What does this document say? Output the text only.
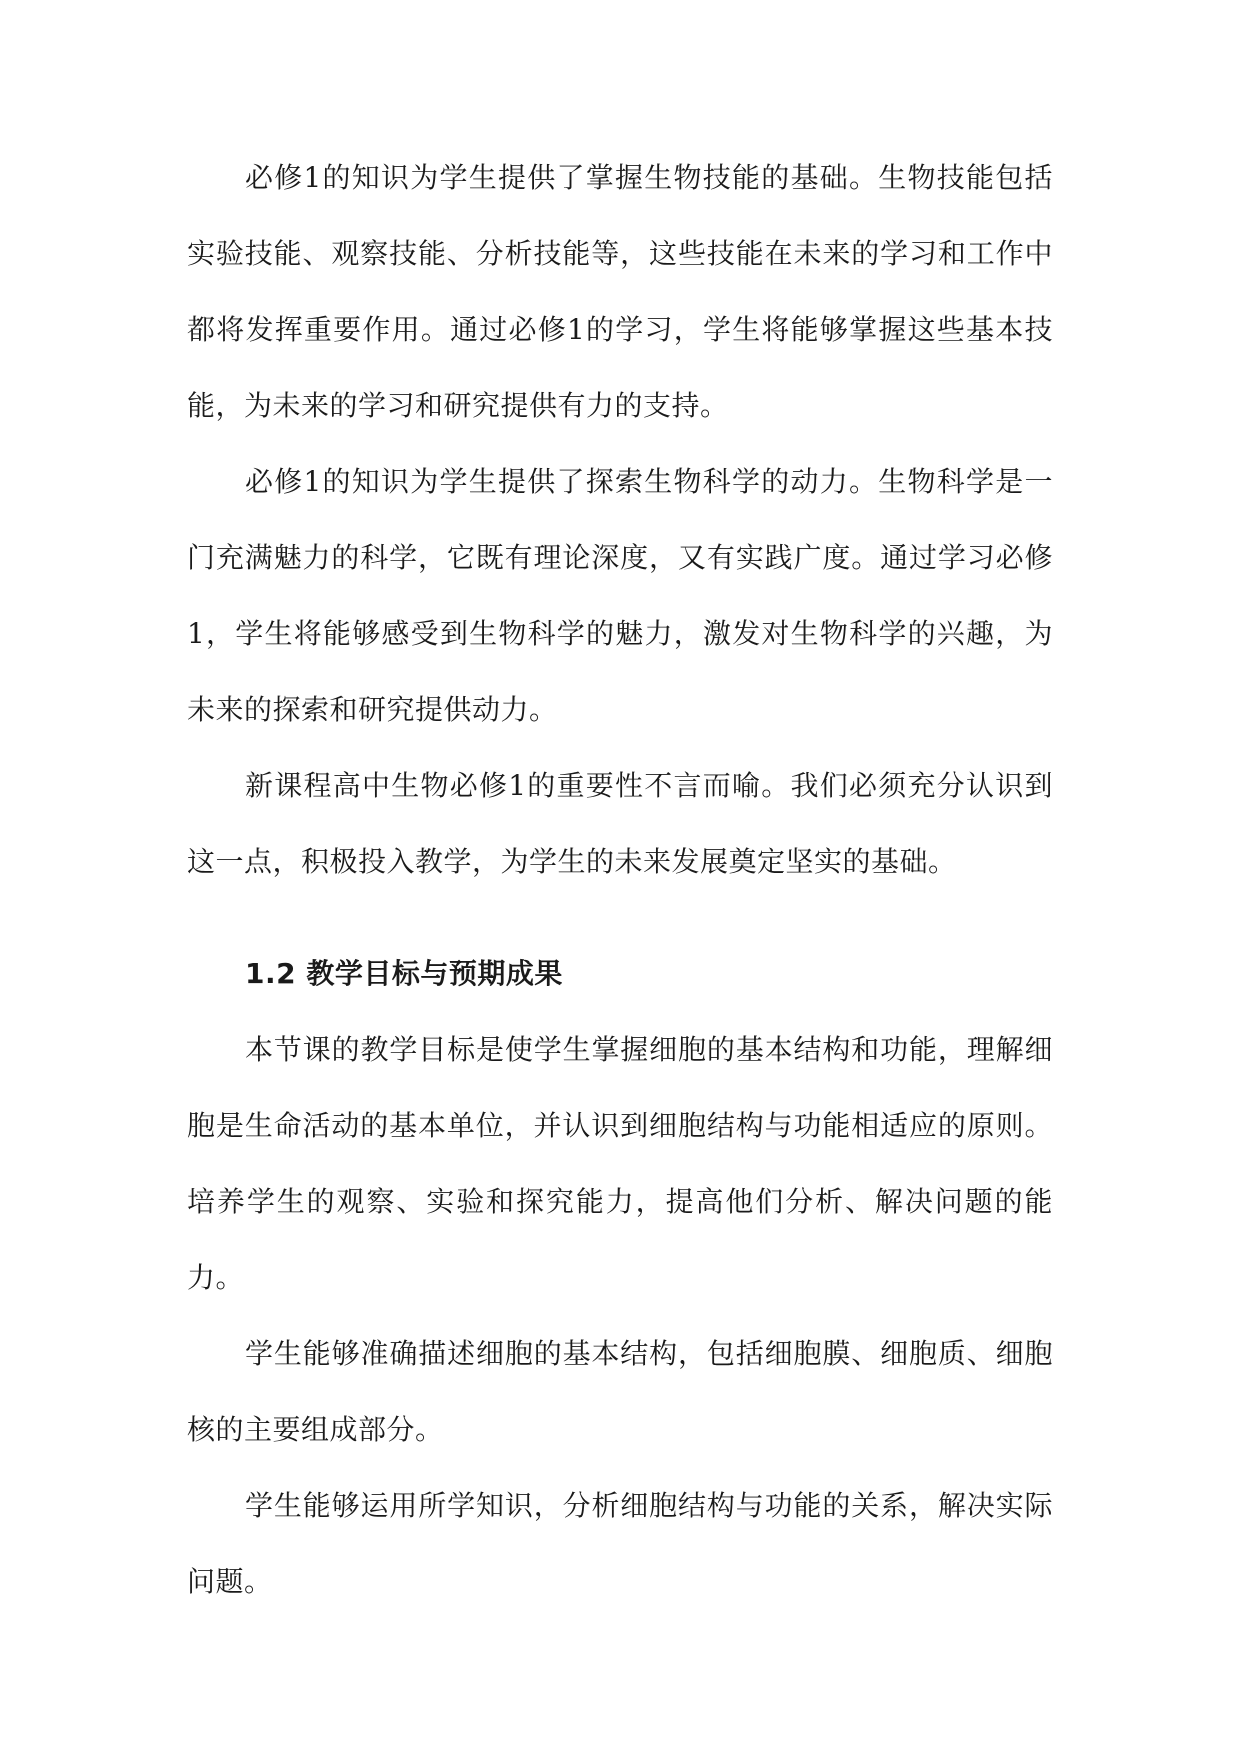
必修1的知识为学生提供了掌握生物技能的基础。生物技能包括实验技能、观察技能、分析技能等，这些技能在未来的学习和工作中都将发挥重要作用。通过必修1的学习，学生将能够掌握这些基本技能，为未来的学习和研究提供有力的支持。

必修1的知识为学生提供了探索生物科学的动力。生物科学是一门充满魅力的科学，它既有理论深度，又有实践广度。通过学习必修1，学生将能够感受到生物科学的魅力，激发对生物科学的兴趣，为未来的探索和研究提供动力。

新课程高中生物必修1的重要性不言而喻。我们必须充分认识到这一点，积极投入教学，为学生的未来发展奠定坚实的基础。

1.2 教学目标与预期成果

本节课的教学目标是使学生掌握细胞的基本结构和功能，理解细胞是生命活动的基本单位，并认识到细胞结构与功能相适应的原则。培养学生的观察、实验和探究能力，提高他们分析、解决问题的能力。

学生能够准确描述细胞的基本结构，包括细胞膜、细胞质、细胞核的主要组成部分。

学生能够运用所学知识，分析细胞结构与功能的关系，解决实际问题。
